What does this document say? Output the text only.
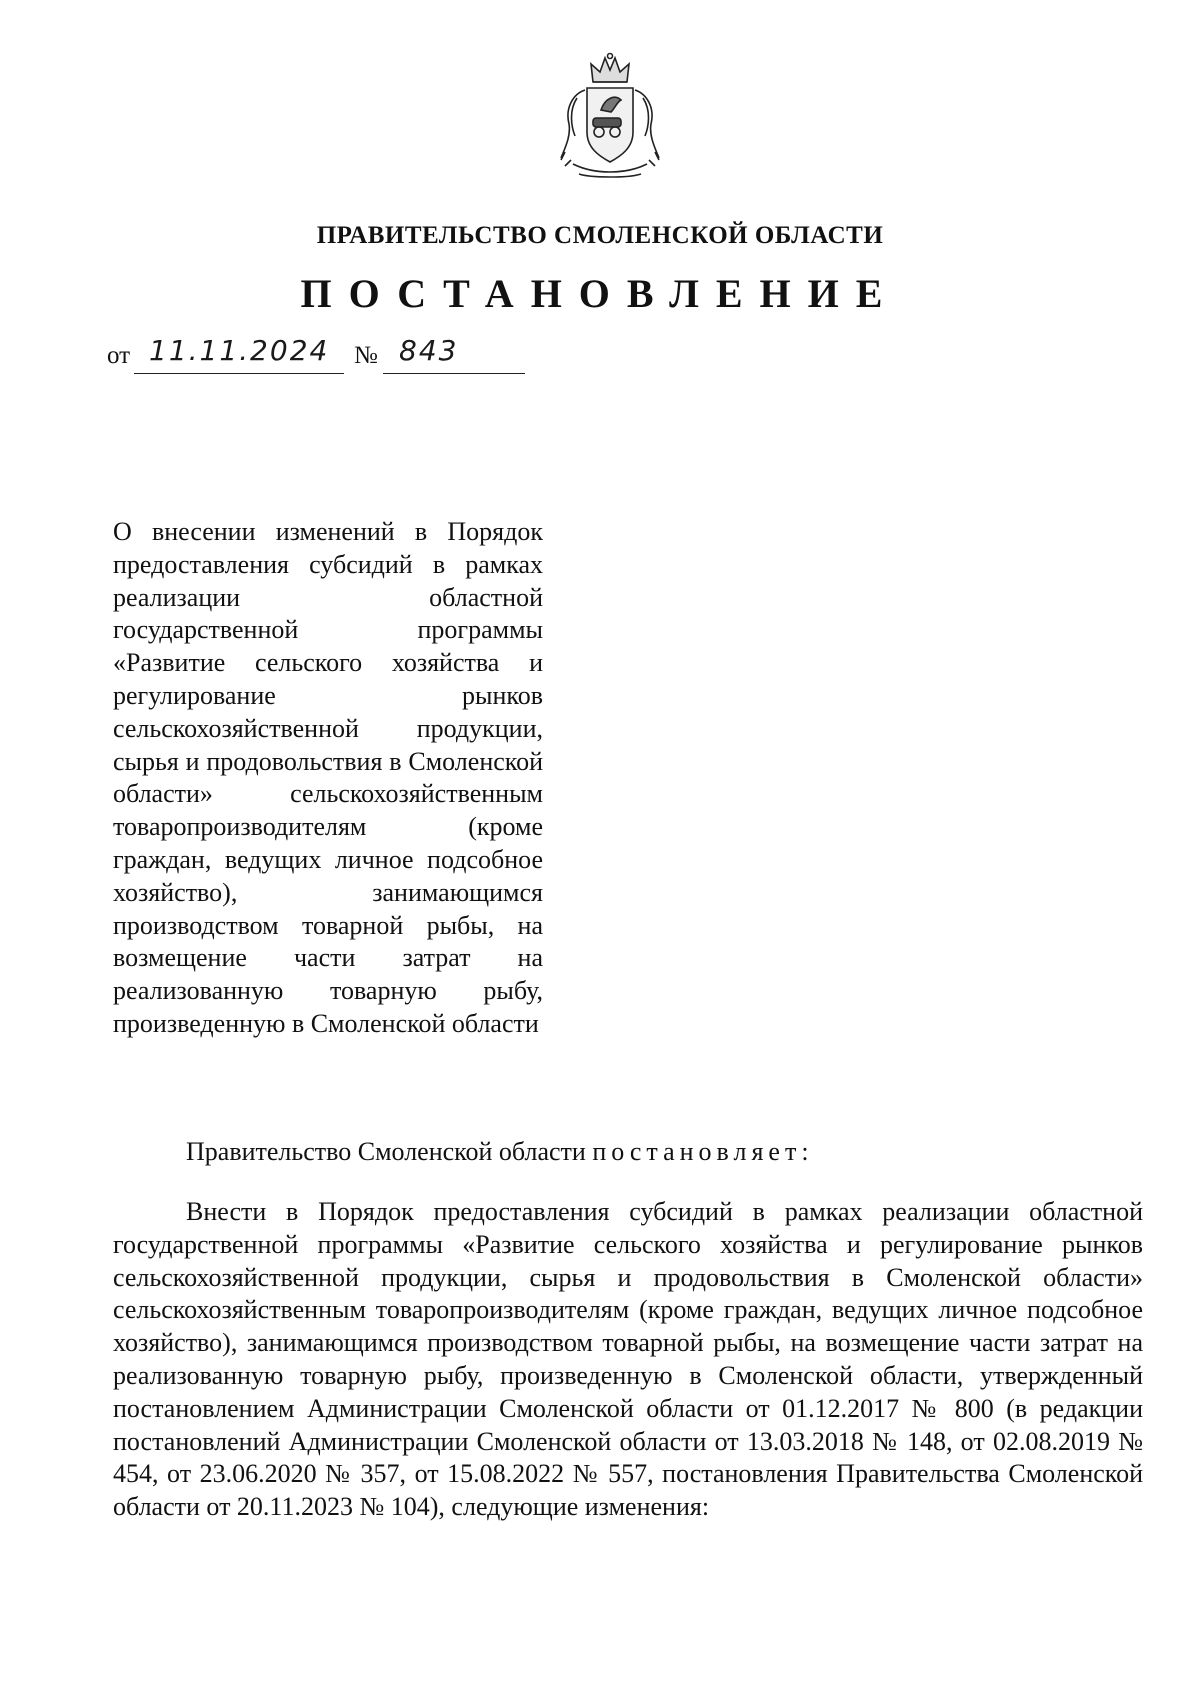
ПРАВИТЕЛЬСТВО СМОЛЕНСКОЙ ОБЛАСТИ
ПОСТАНОВЛЕНИЕ
от 11.11.2024 № 843
О внесении изменений в Порядок предоставления субсидий в рамках реализации областной государственной программы «Развитие сельского хозяйства и регулирование рынков сельскохозяйственной продукции, сырья и продовольствия в Смоленской области» сельскохозяйственным товаропроизводителям (кроме граждан, ведущих личное подсобное хозяйство), занимающимся производством товарной рыбы, на возмещение части затрат на реализованную товарную рыбу, произведенную в Смоленской области
Правительство Смоленской области постановляет:

Внести в Порядок предоставления субсидий в рамках реализации областной государственной программы «Развитие сельского хозяйства и регулирование рынков сельскохозяйственной продукции, сырья и продовольствия в Смоленской области» сельскохозяйственным товаропроизводителям (кроме граждан, ведущих личное подсобное хозяйство), занимающимся производством товарной рыбы, на возмещение части затрат на реализованную товарную рыбу, произведенную в Смоленской области, утвержденный постановлением Администрации Смоленской области от 01.12.2017 № 800 (в редакции постановлений Администрации Смоленской области от 13.03.2018 № 148, от 02.08.2019 № 454, от 23.06.2020 № 357, от 15.08.2022 № 557, постановления Правительства Смоленской области от 20.11.2023 № 104), следующие изменения:
